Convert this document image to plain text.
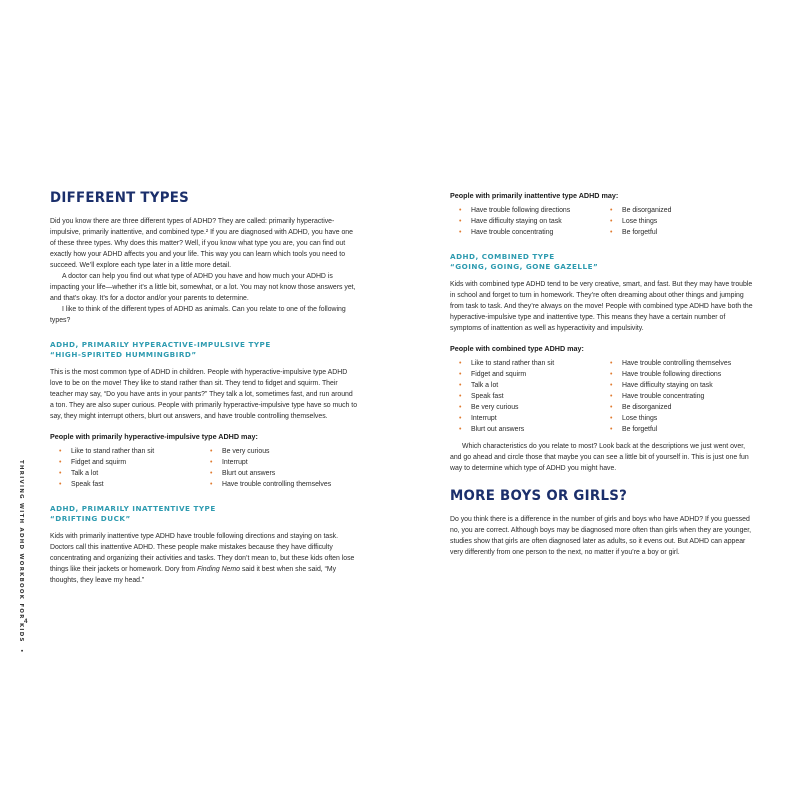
DIFFERENT TYPES

Did you know there are three different types of ADHD? They are called: primarily hyperactive-impulsive, primarily inattentive, and combined type.² If you are diagnosed with ADHD, you have one of these three types. Why does this matter? Well, if you know what type you are, you can find out exactly how your ADHD affects you and your life. This way you can learn which tools you need to succeed. We’ll explore each type later in a little more detail.

A doctor can help you find out what type of ADHD you have and how much your ADHD is impacting your life—whether it’s a little bit, somewhat, or a lot. You may not know those answers yet, and that’s okay. It’s for a doctor and/or your parents to determine.

I like to think of the different types of ADHD as animals. Can you relate to one of the following types?

ADHD, PRIMARILY HYPERACTIVE-IMPULSIVE TYPE
“HIGH-SPIRITED HUMMINGBIRD”

This is the most common type of ADHD in children. People with hyperactive-impulsive type ADHD love to be on the move! They like to stand rather than sit. They tend to fidget and squirm. Their teacher may say, “Do you have ants in your pants?” They talk a lot, sometimes fast, and run around a ton. They are also super curious. People with primarily hyperactive-impulsive type have so much to say, they might interrupt others, blurt out answers, and have trouble controlling themselves.

People with primarily hyperactive-impulsive type ADHD may:

• Like to stand rather than sit
• Fidget and squirm
• Talk a lot
• Speak fast
• Be very curious
• Interrupt
• Blurt out answers
• Have trouble controlling themselves
ADHD, PRIMARILY INATTENTIVE TYPE
“DRIFTING DUCK”

Kids with primarily inattentive type ADHD have trouble following directions and staying on task. Doctors call this inattentive ADHD. These people make mistakes because they have difficulty concentrating and organizing their activities and tasks. They don’t mean to, but these kids often lose things like their jackets or homework. Dory from Finding Nemo said it best when she said, “My thoughts, they leave my head.”

THRIVING WITH ADHD WORKBOOK FOR KIDS  •
4

People with primarily inattentive type ADHD may:

• Have trouble following directions
• Have difficulty staying on task
• Have trouble concentrating
• Be disorganized
• Lose things
• Be forgetful
ADHD, COMBINED TYPE
“GOING, GOING, GONE GAZELLE”

Kids with combined type ADHD tend to be very creative, smart, and fast. But they may have trouble in school and forget to turn in homework. They’re often dreaming about other things and jumping from task to task. And they’re always on the move! People with combined type ADHD have both the hyperactive-impulsive type and inattentive type. This means they have a certain number of symptoms of inattention as well as hyperactivity and impulsivity.

People with combined type ADHD may:

• Like to stand rather than sit
• Fidget and squirm
• Talk a lot
• Speak fast
• Be very curious
• Interrupt
• Blurt out answers
• Have trouble controlling themselves
• Have trouble following directions
• Have difficulty staying on task
• Have trouble concentrating
• Be disorganized
• Lose things
• Be forgetful

Which characteristics do you relate to most? Look back at the descriptions we just went over, and go ahead and circle those that maybe you can see a little bit of yourself in. This is just one fun way to determine which type of ADHD you might have.

MORE BOYS OR GIRLS?

Do you think there is a difference in the number of girls and boys who have ADHD? If you guessed no, you are correct. Although boys may be diagnosed more often than girls when they are younger, studies show that girls are often diagnosed later as adults, so it evens out. But ADHD can appear very differently from one person to the next, no matter if you’re a boy or girl.
